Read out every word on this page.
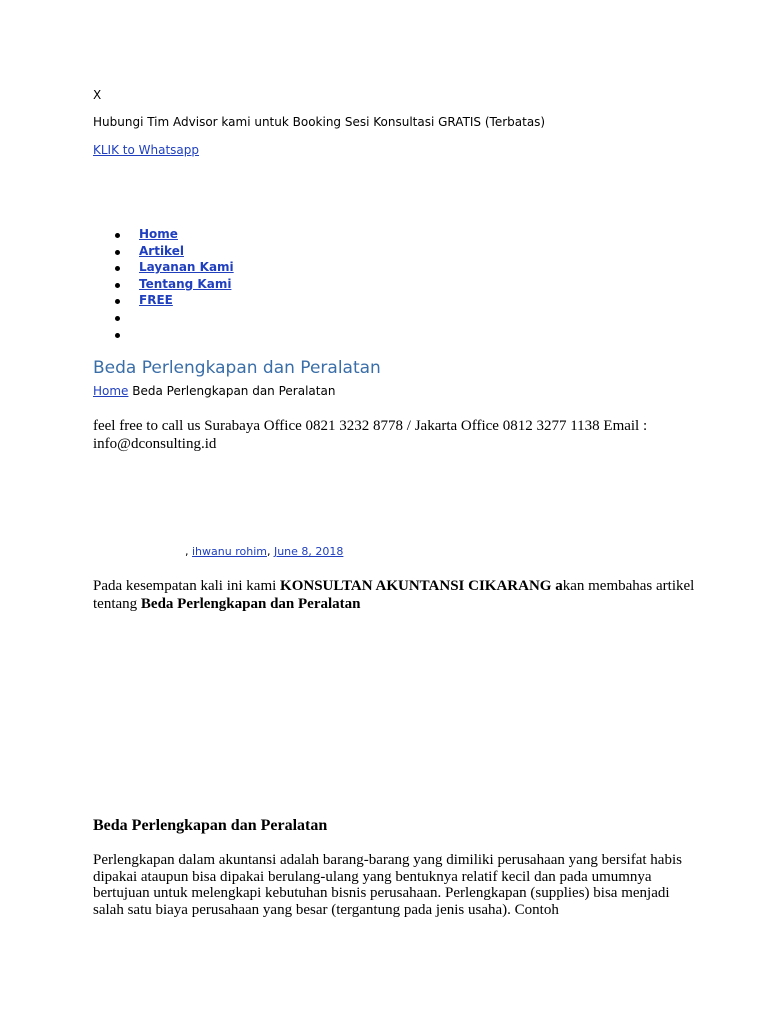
X
Hubungi Tim Advisor kami untuk Booking Sesi Konsultasi GRATIS (Terbatas)
KLIK to Whatsapp
Home
Artikel
Layanan Kami
Tentang Kami
FREE
Beda Perlengkapan dan Peralatan
Home Beda Perlengkapan dan Peralatan
feel free to call us Surabaya Office 0821 3232 8778 / Jakarta Office 0812 3277 1138 Email : info@dconsulting.id
, ihwanu rohim, June 8, 2018
Pada kesempatan kali ini kami KONSULTAN AKUNTANSI CIKARANG akan membahas artikel tentang Beda Perlengkapan dan Peralatan
Beda Perlengkapan dan Peralatan

Perlengkapan dalam akuntansi adalah barang-barang yang dimiliki perusahaan yang bersifat habis dipakai ataupun bisa dipakai berulang-ulang yang bentuknya relatif kecil dan pada umumnya bertujuan untuk melengkapi kebutuhan bisnis perusahaan. Perlengkapan (supplies) bisa menjadi salah satu biaya perusahaan yang besar (tergantung pada jenis usaha). Contoh
